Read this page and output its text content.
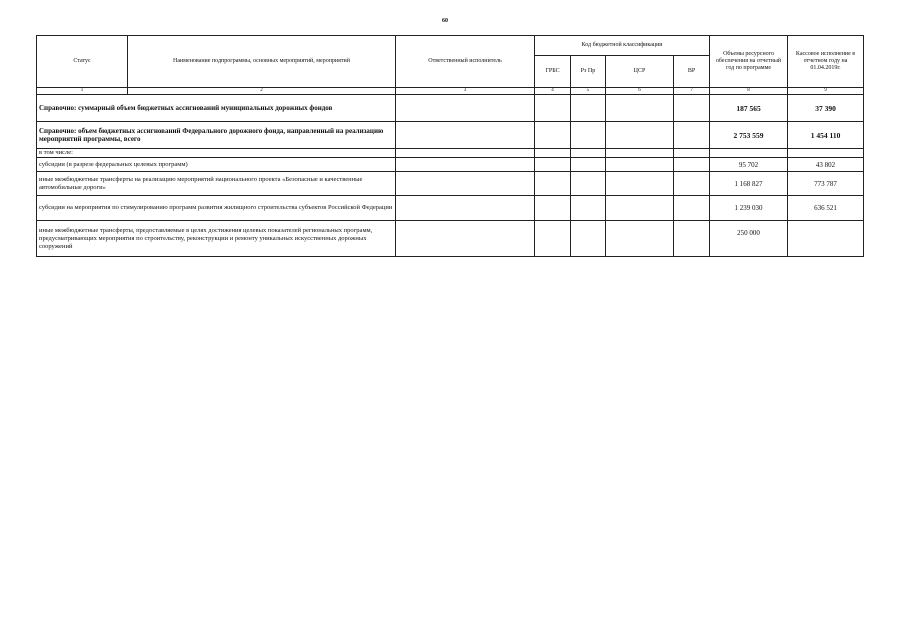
60
Статус	Наименование подпрограммы, основных мероприятий, мероприятий	Ответственный исполнитель	Код бюджетной классификации				Объемы ресурсного обеспечения на отчетный год по программе	Кассовое исполнение в отчетном году на 01.04.2019г.
			ГРБС	Рз Пр	ЦСР	ВР		
1	2	3	4	5	6	7	8	9
Справочно: суммарный объем бюджетных ассигнований муниципальных дорожных фондов							187 565	37 390
Справочно: объем бюджетных ассигнований Федерального дорожного фонда, направленный на реализацию мероприятий программы, всего							2 753 559	1 454 110
в том числе:								
субсидии (в разрезе федеральных целевых программ)							95 702	43 802
иные межбюджетные трансферты на реализацию мероприятий национального проекта «Безопасные и качественные автомобильные дороги»							1 168 827	773 787
субсидии на мероприятия по стимулированию программ развития жилищного строительства субъектов Российской Федерации							1 239 030	636 521
иные межбюджетные трансферты, предоставляемые в целях достижения целевых показателей региональных программ, предусматривающих мероприятия по строительству, реконструкции и ремонту уникальных искусственных дорожных сооружений							250 000	
